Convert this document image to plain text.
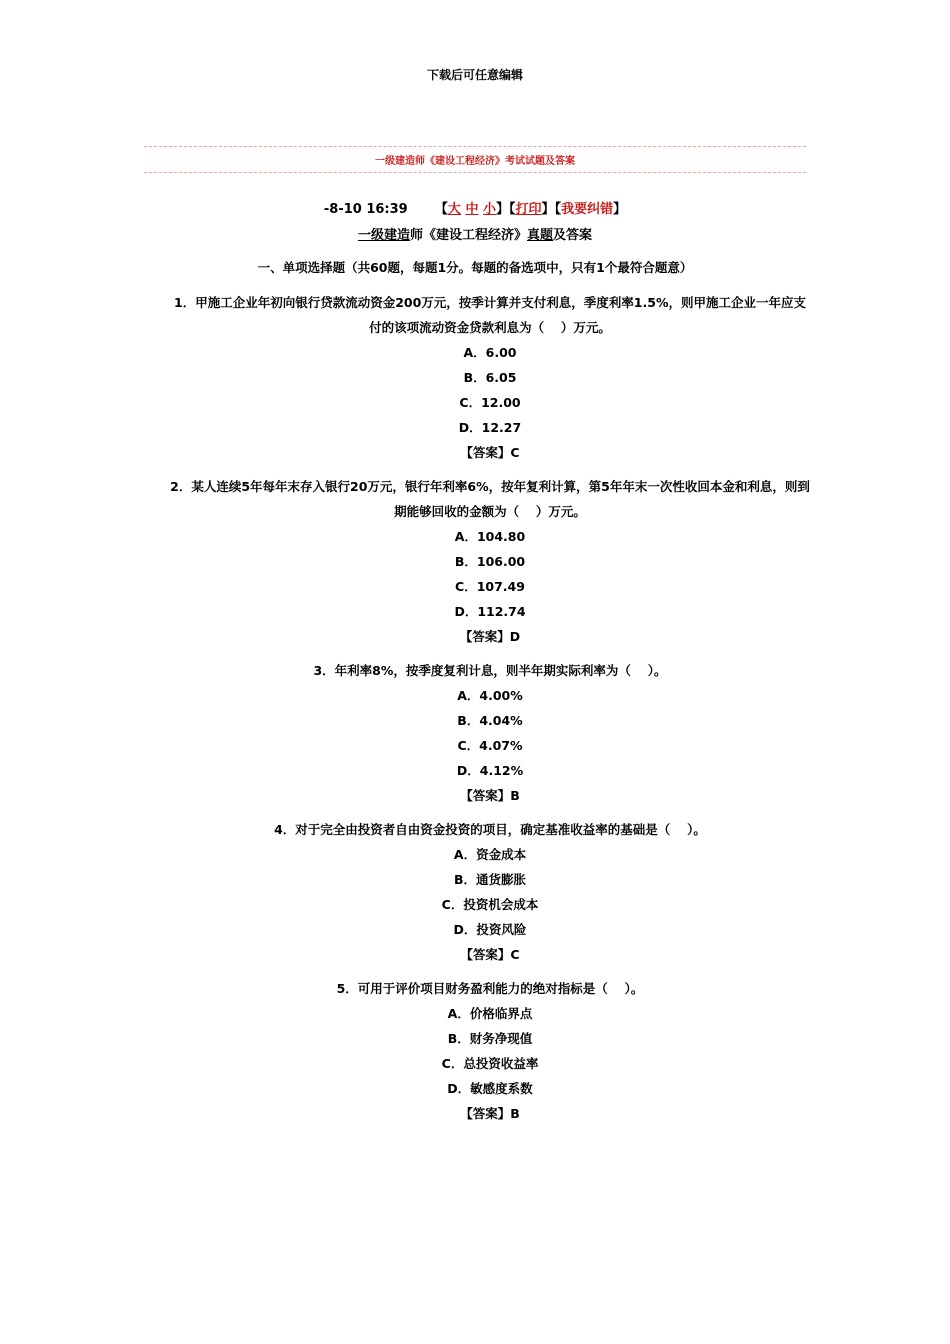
下载后可任意编辑
一级建造师《建设工程经济》考试试题及答案
-8-10 16:39 【大 中 小】【打印】【我要纠错】
一级建造师《建设工程经济》真题及答案
一、单项选择题（共60题，每题1分。每题的备选项中，只有1个最符合题意）
1．甲施工企业年初向银行贷款流动资金200万元，按季计算并支付利息，季度利率1.5%，则甲施工企业一年应支付的该项流动资金贷款利息为（　 ）万元。
A．6.00
B．6.05
C．12.00
D．12.27
【答案】C
2．某人连续5年每年末存入银行20万元，银行年利率6%，按年复利计算，第5年年末一次性收回本金和利息，则到期能够回收的金额为（　 ）万元。
A．104.80
B．106.00
C．107.49
D．112.74
【答案】D
3．年利率8%，按季度复利计息，则半年期实际利率为（　 ）。
A．4.00%
B．4.04%
C．4.07%
D．4.12%
【答案】B
4．对于完全由投资者自由资金投资的项目，确定基准收益率的基础是（　 ）。
A．资金成本
B．通货膨胀
C．投资机会成本
D．投资风险
【答案】C
5．可用于评价项目财务盈利能力的绝对指标是（　 ）。
A．价格临界点
B．财务净现值
C．总投资收益率
D．敏感度系数
【答案】B
